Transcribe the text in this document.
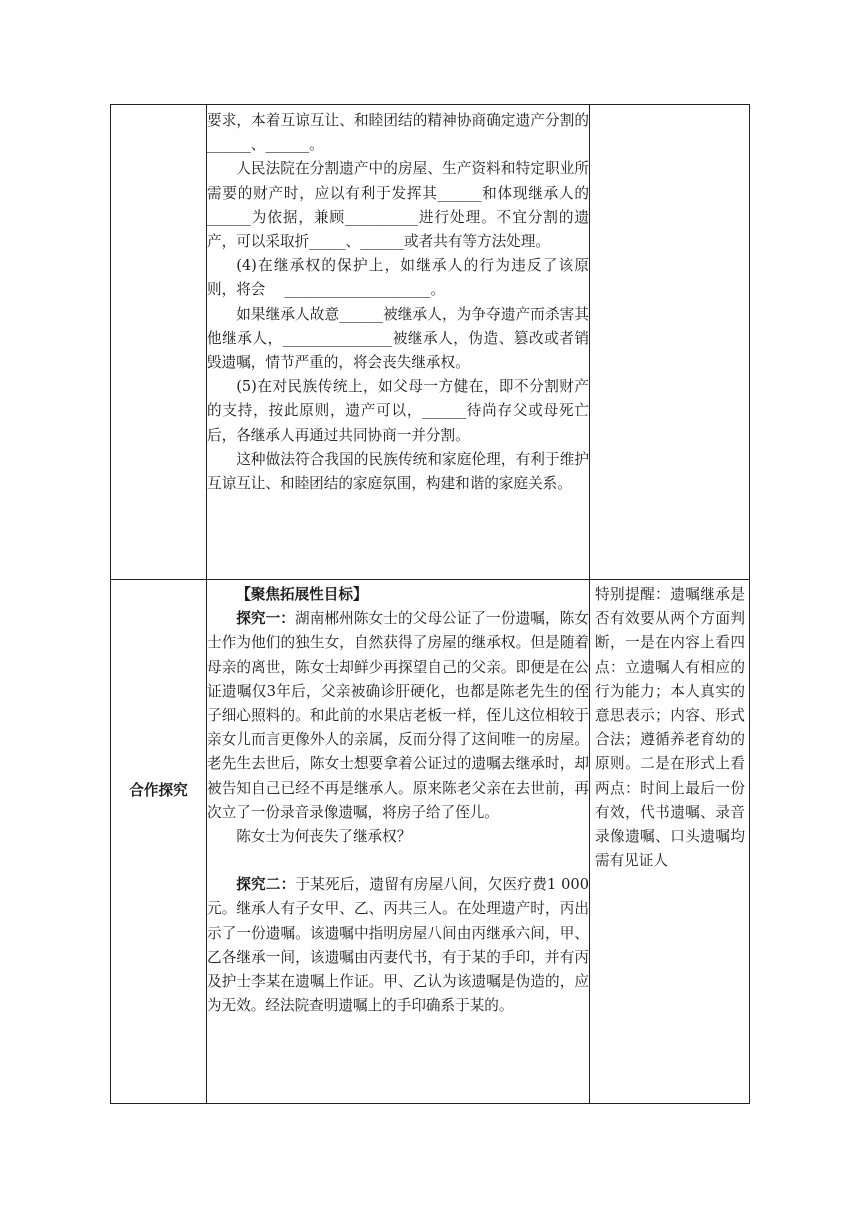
要求，本着互谅互让、和睦团结的精神协商确定遗产分割的______、______。

人民法院在分割遗产中的房屋、生产资料和特定职业所需要的财产时，应以有利于发挥其______和体现继承人的______为依据，兼顾__________进行处理。不宜分割的遗产，可以采取折_____、______或者共有等方法处理。

(4)在继承权的保护上，如继承人的行为违反了该原则，将会　 ____________________。

如果继承人故意______被继承人，为争夺遗产而杀害其他继承人，_______________被继承人，伪造、篡改或者销毁遗嘱，情节严重的，将会丧失继承权。

(5)在对民族传统上，如父母一方健在，即不分割财产的支持，按此原则，遗产可以，______待尚存父或母死亡后，各继承人再通过共同协商一并分割。

这种做法符合我国的民族传统和家庭伦理，有利于维护互谅互让、和睦团结的家庭氛围，构建和谐的家庭关系。

合作探究

【聚焦拓展性目标】

探究一：湖南郴州陈女士的父母公证了一份遗嘱，陈女士作为他们的独生女，自然获得了房屋的继承权。但是随着母亲的离世，陈女士却鲜少再探望自己的父亲。即便是在公证遗嘱仅3年后，父亲被确诊肝硬化，也都是陈老先生的侄子细心照料的。和此前的水果店老板一样，侄儿这位相较于亲女儿而言更像外人的亲属，反而分得了这间唯一的房屋。老先生去世后，陈女士想要拿着公证过的遗嘱去继承时，却被告知自己已经不再是继承人。原来陈老父亲在去世前，再次立了一份录音录像遗嘱，将房子给了侄儿。

陈女士为何丧失了继承权？

探究二：于某死后，遗留有房屋八间，欠医疗费1 000元。继承人有子女甲、乙、丙共三人。在处理遗产时，丙出示了一份遗嘱。该遗嘱中指明房屋八间由丙继承六间，甲、乙各继承一间，该遗嘱由丙妻代书，有于某的手印，并有丙及护士李某在遗嘱上作证。甲、乙认为该遗嘱是伪造的，应为无效。经法院查明遗嘱上的手印确系于某的。

特别提醒：遗嘱继承是否有效要从两个方面判断，一是在内容上看四点：立遗嘱人有相应的行为能力；本人真实的意思表示；内容、形式合法；遵循养老育幼的原则。二是在形式上看两点：时间上最后一份有效，代书遗嘱、录音录像遗嘱、口头遗嘱均需有见证人
